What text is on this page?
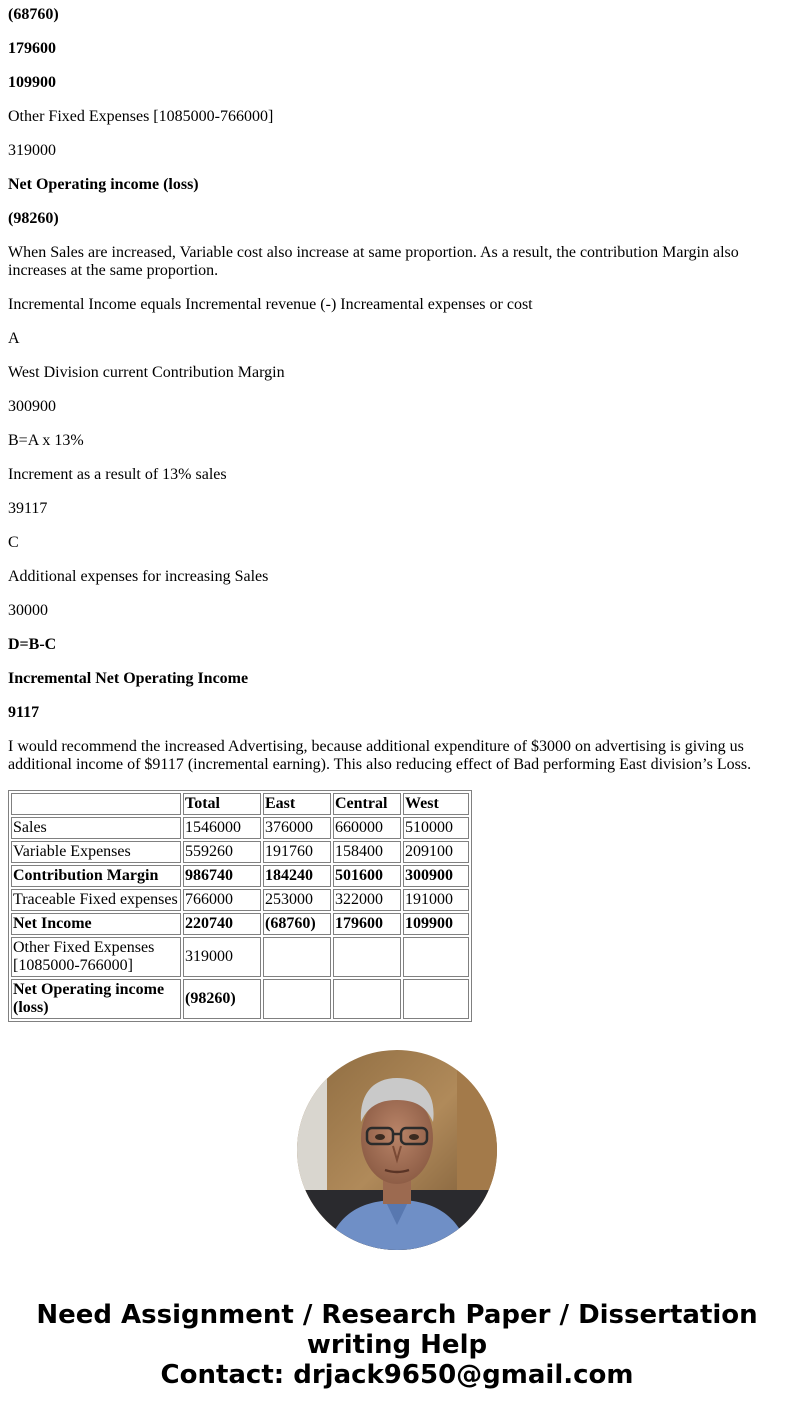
(68760)

179600

109900

Other Fixed Expenses [1085000-766000]

319000

Net Operating income (loss)

(98260)

When Sales are increased, Variable cost also increase at same proportion. As a result, the contribution Margin also increases at the same proportion.

Incremental Income equals Incremental revenue (-) Increamental expenses or cost

A

West Division current Contribution Margin

300900

B=A x 13%

Increment as a result of 13% sales

39117

C

Additional expenses for increasing Sales

30000

D=B-C

Incremental Net Operating Income

9117

I would recommend the increased Advertising, because additional expenditure of $3000 on advertising is giving us additional income of $9117 (incremental earning). This also reducing effect of Bad performing East division’s Loss.

	Total	East	Central	West
Sales	1546000	376000	660000	510000
Variable Expenses	559260	191760	158400	209100
Contribution Margin	986740	184240	501600	300900
Traceable Fixed expenses	766000	253000	322000	191000
Net Income	220740	(68760)	179600	109900
Other Fixed Expenses [1085000-766000]	319000			
Net Operating income (loss)	(98260)			
Need Assignment / Research Paper / Dissertation writing Help
Contact: drjack9650@gmail.com
